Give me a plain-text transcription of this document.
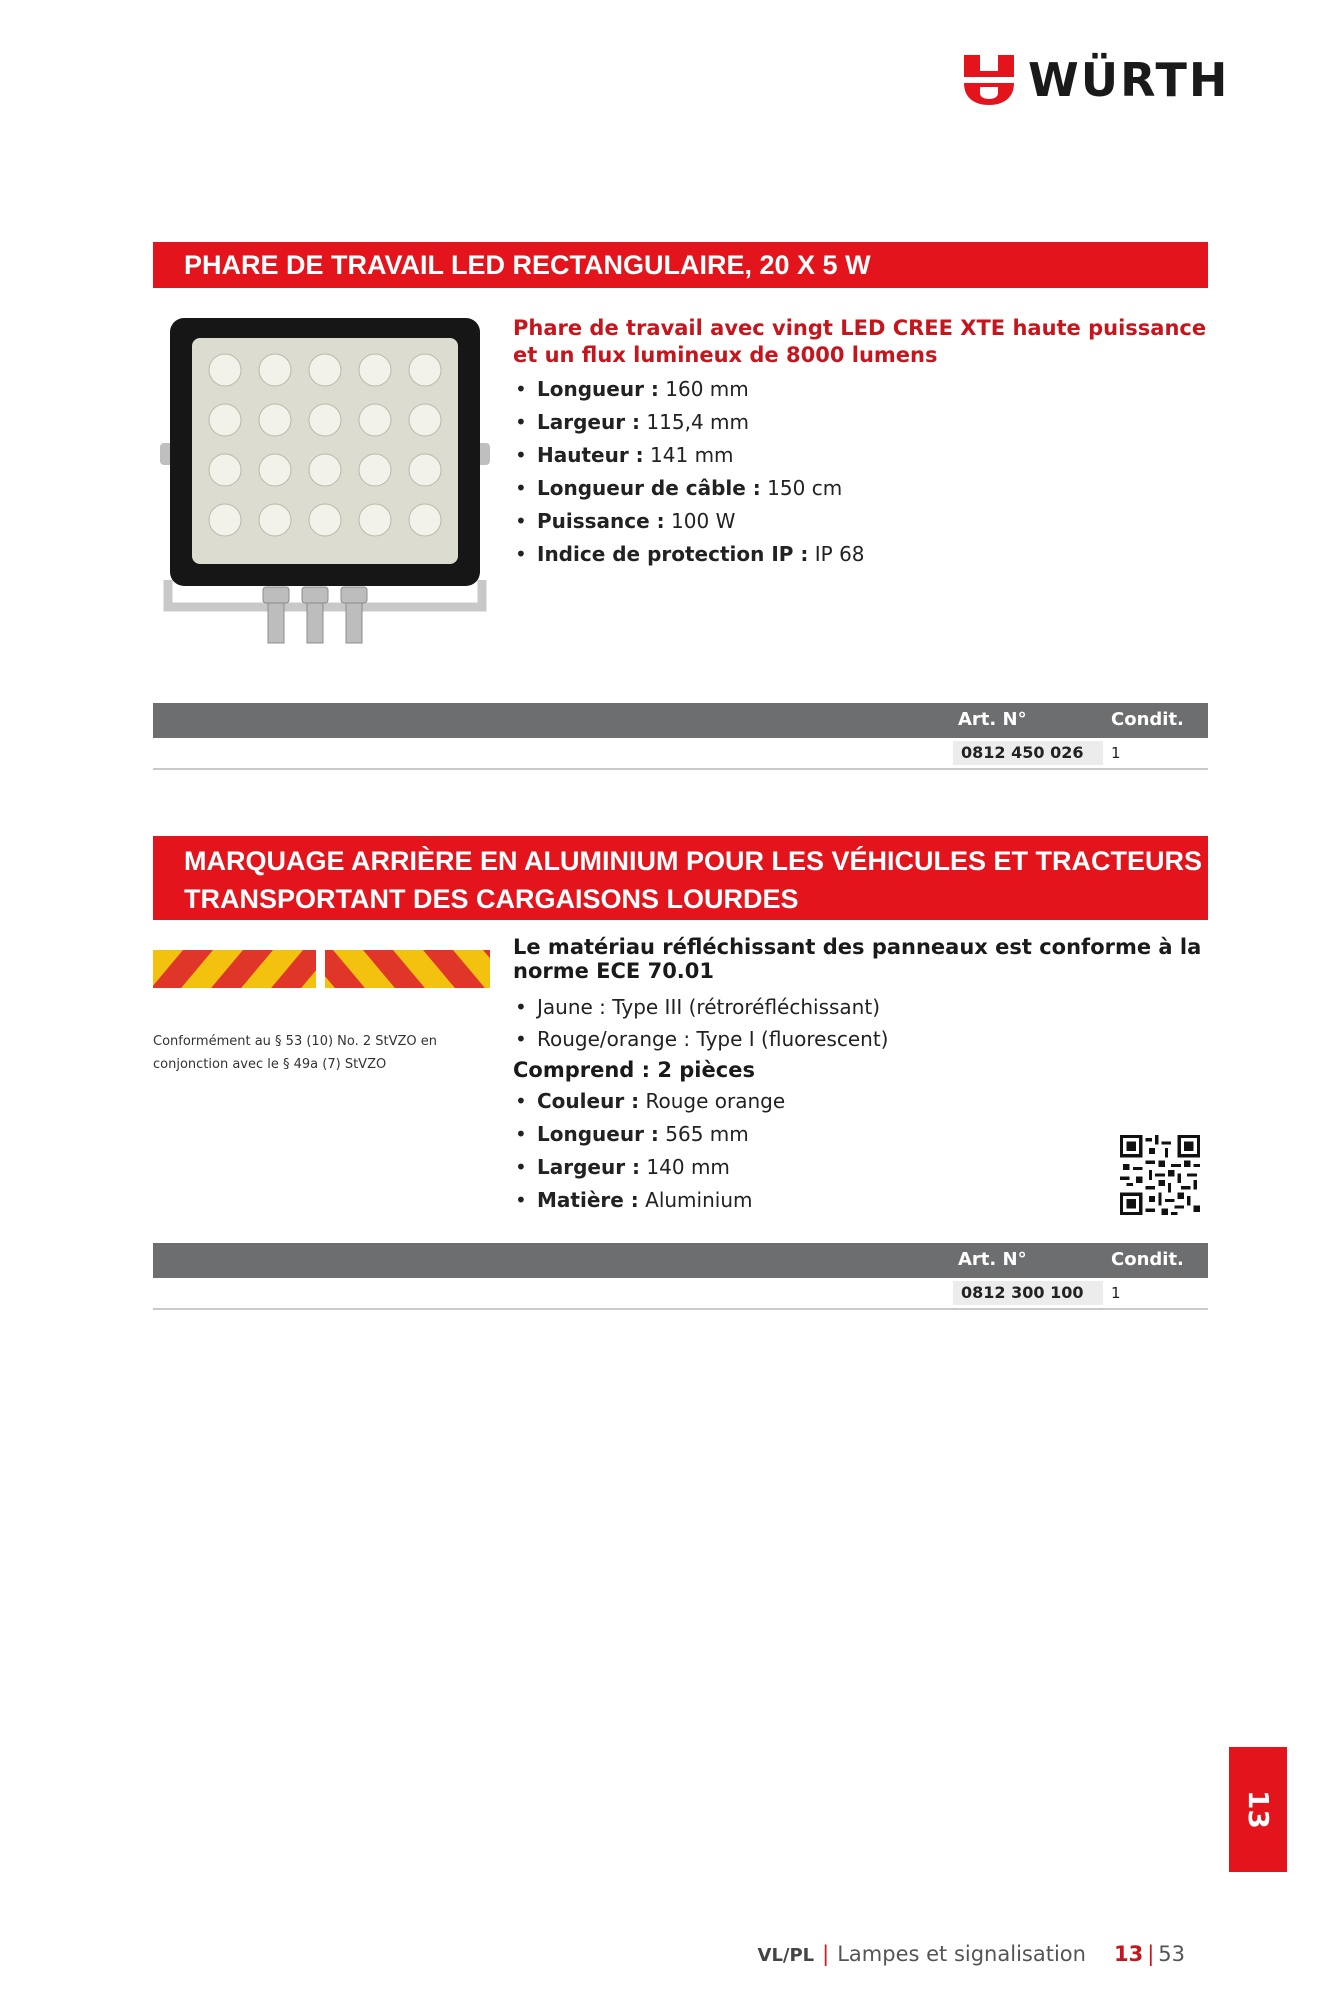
WÜRTH
PHARE DE TRAVAIL LED RECTANGULAIRE, 20 X 5 W
Phare de travail avec vingt LED CREE XTE haute puissance et un flux lumineux de 8000 lumens
• Longueur : 160 mm
• Largeur : 115,4 mm
• Hauteur : 141 mm
• Longueur de câble : 150 cm
• Puissance : 100 W
• Indice de protection IP : IP 68
Art. N°	Condit.
0812 450 026	1
MARQUAGE ARRIÈRE EN ALUMINIUM POUR LES VÉHICULES ET TRACTEURS
TRANSPORTANT DES CARGAISONS LOURDES
Conformément au § 53 (10) No. 2 StVZO en conjonction avec le § 49a (7) StVZO
Le matériau réfléchissant des panneaux est conforme à la norme ECE 70.01
• Jaune : Type III (rétroréfléchissant)
• Rouge/orange : Type I (fluorescent)
Comprend : 2 pièces
• Couleur : Rouge orange
• Longueur : 565 mm
• Largeur : 140 mm
• Matière : Aluminium
Art. N°	Condit.
0812 300 100	1
13
VL/PL | Lampes et signalisation 13 | 53
